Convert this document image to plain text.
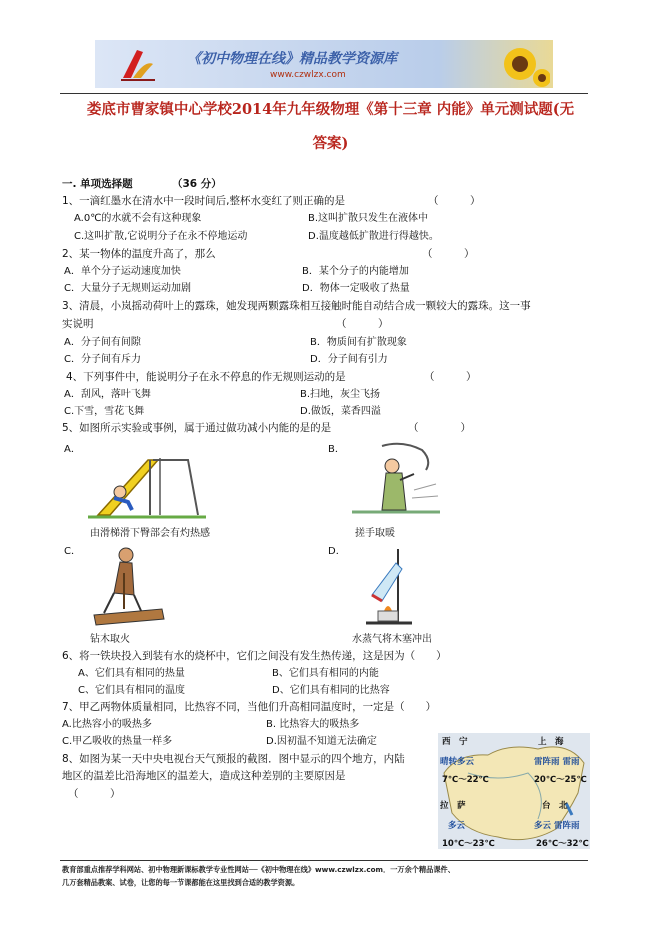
《初中物理在线》精品教学资源库
www.czwlzx.com
娄底市曹家镇中心学校2014年九年级物理《第十三章 内能》单元测试题(无
答案)
一. 单项选择题	（36 分）
1、一滴红墨水在清水中一段时间后,整杯水变红了则正确的是	（　　　）
A.0℃的水就不会有这种现象	B.这叫扩散只发生在液体中
C.这叫扩散,它说明分子在永不停地运动	D.温度越低扩散进行得越快。
2、某一物体的温度升高了，那么	（　　　）
A．单个分子运动速度加快	B．某个分子的内能增加
C．大量分子无规则运动加剧	D．物体一定吸收了热量
3、清晨，小岚摇动荷叶上的露珠，她发现两颗露珠相互接触时能自动结合成一颗较大的露珠。这一事
实说明	（　　　）
A．分子间有间隙	B．物质间有扩散现象
C．分子间有斥力	D．分子间有引力
4、下列事件中，能说明分子在永不停息的作无规则运动的是	（　　　）
A．刮风，落叶飞舞	B.扫地，灰尘飞扬
C.下雪，雪花飞舞	D.做饭，菜香四溢
5、如图所示实验或事例，属于通过做功减小内能的是的是	（　　　　）
A．
由滑梯滑下臀部会有灼热感
B．
搓手取暖
C．
钻木取火
D．
水蒸气将木塞冲出
6、将一铁块投入到装有水的烧杯中，它们之间没有发生热传递，这是因为（　　）
A、它们具有相同的热量	B、它们具有相同的内能
C、它们具有相同的温度	D、它们具有相同的比热容
7、甲乙两物体质量相同，比热容不同，当他们升高相同温度时，一定是（　　）
A.比热容小的吸热多	B. 比热容大的吸热多
C.甲乙吸收的热量一样多	D.因初温不知道无法确定
8、如图为某一天中央电视台天气预报的截图．图中显示的四个地方，内陆
地区的温差比沿海地区的温差大，造成这种差别的主要原因是
（　　　）
西　宁	上　海
晴转多云	雷阵雨 雷雨
7℃～22℃	20℃～25℃
拉　萨	台　北
多云	多云 雷阵雨
10℃～23℃	26℃～32℃
教育部重点推荐学科网站、初中物理新课标教学专业性网站──《初中物理在线》www.czwlzx.com．一万余个精品课件、
几万套精品教案、试卷，让您的每一节课都能在这里找到合适的教学资源。
